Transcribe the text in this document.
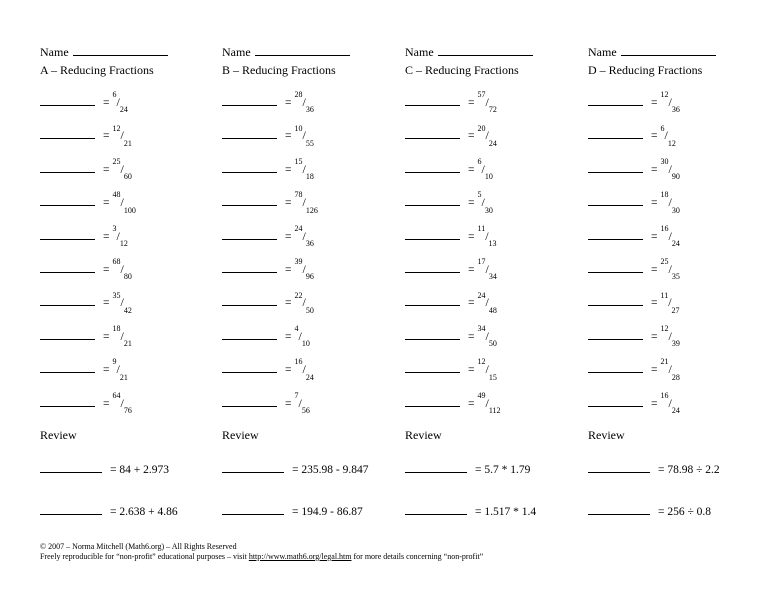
Name
A – Reducing Fractions
$=^6/_{24}$
$=^{12}/_{21}$
$=^{25}/_{60}$
$=^{48}/_{100}$
$=^3/_{12}$
$=^{68}/_{80}$
$=^{35}/_{42}$
$=^{18}/_{21}$
$=^9/_{21}$
$=^{64}/_{76}$
Review
= 84 + 2.973
= 2.638 + 4.86
Name
B – Reducing Fractions
$=^{28}/_{36}$
$=^{10}/_{55}$
$=^{15}/_{18}$
$=^{78}/_{126}$
$=^{24}/_{36}$
$=^{39}/_{96}$
$=^{22}/_{50}$
$=^4/_{10}$
$=^{16}/_{24}$
$=^7/_{56}$
Review
= 235.98 - 9.847
= 194.9 - 86.87
Name
C – Reducing Fractions
$=^{57}/_{72}$
$=^{20}/_{24}$
$=^6/_{10}$
$=^5/_{30}$
$=^{11}/_{13}$
$=^{17}/_{34}$
$=^{24}/_{48}$
$=^{34}/_{50}$
$=^{12}/_{15}$
$=^{49}/_{112}$
Review
= 5.7 * 1.79
= 1.517 * 1.4
Name
D – Reducing Fractions
$=^{12}/_{36}$
$=^6/_{12}$
$=^{30}/_{90}$
$=^{18}/_{30}$
$=^{16}/_{24}$
$=^{25}/_{35}$
$=^{11}/_{27}$
$=^{12}/_{39}$
$=^{21}/_{28}$
$=^{16}/_{24}$
Review
= 78.98 ÷ 2.2
= 256 ÷ 0.8
© 2007 – Norma Mitchell (Math6.org) – All Rights Reserved
Freely reproducible for “non-profit” educational purposes – visit http://www.math6.org/legal.htm for more details concerning “non-profit”
